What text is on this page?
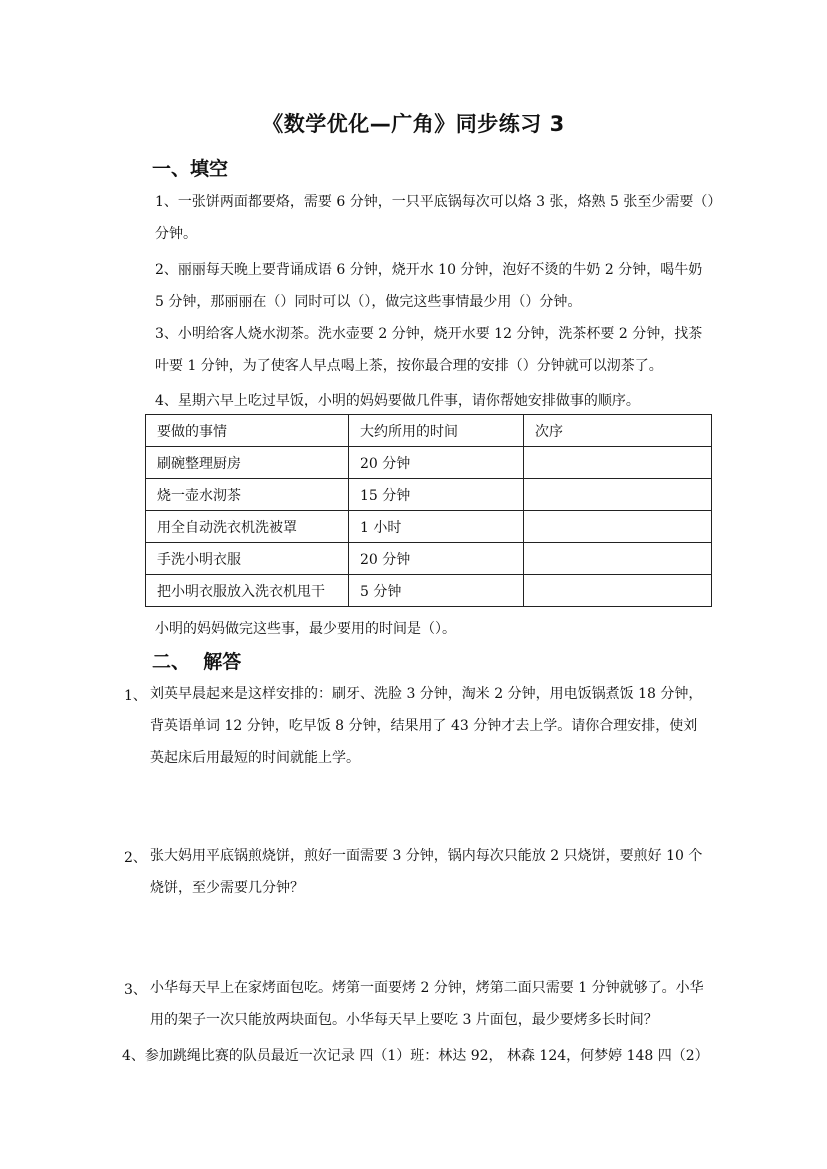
《数学优化—广角》同步练习 3
一、填空
1、一张饼两面都要烙，需要 6 分钟，一只平底锅每次可以烙 3 张，烙熟 5 张至少需要（）分钟。
2、丽丽每天晚上要背诵成语 6 分钟，烧开水 10 分钟，泡好不烫的牛奶 2 分钟，喝牛奶 5 分钟，那丽丽在（）同时可以（），做完这些事情最少用（）分钟。
3、小明给客人烧水沏茶。洗水壶要 2 分钟，烧开水要 12 分钟，洗茶杯要 2 分钟，找茶叶要 1 分钟，为了使客人早点喝上茶，按你最合理的安排（）分钟就可以沏茶了。
4、星期六早上吃过早饭，小明的妈妈要做几件事，请你帮她安排做事的顺序。
要做的事情	大约所用的时间	次序
刷碗整理厨房	20 分钟	
烧一壶水沏茶	15 分钟	
用全自动洗衣机洗被罩	1 小时	
手洗小明衣服	20 分钟	
把小明衣服放入洗衣机甩干	5 分钟	
小明的妈妈做完这些事，最少要用的时间是（）。
二、  解答
1、 刘英早晨起来是这样安排的：刷牙、洗脸 3 分钟，淘米 2 分钟，用电饭锅煮饭 18 分钟，背英语单词 12 分钟，吃早饭 8 分钟，结果用了 43 分钟才去上学。请你合理安排，使刘英起床后用最短的时间就能上学。
2、 张大妈用平底锅煎烧饼，煎好一面需要 3 分钟，锅内每次只能放 2 只烧饼，要煎好 10 个烧饼，至少需要几分钟？
3、 小华每天早上在家烤面包吃。烤第一面要烤 2 分钟，烤第二面只需要 1 分钟就够了。小华用的架子一次只能放两块面包。小华每天早上要吃 3 片面包，最少要烤多长时间？
4、参加跳绳比赛的队员最近一次记录 四（1）班：林达 92， 林森 124，何梦婷 148 四（2）
